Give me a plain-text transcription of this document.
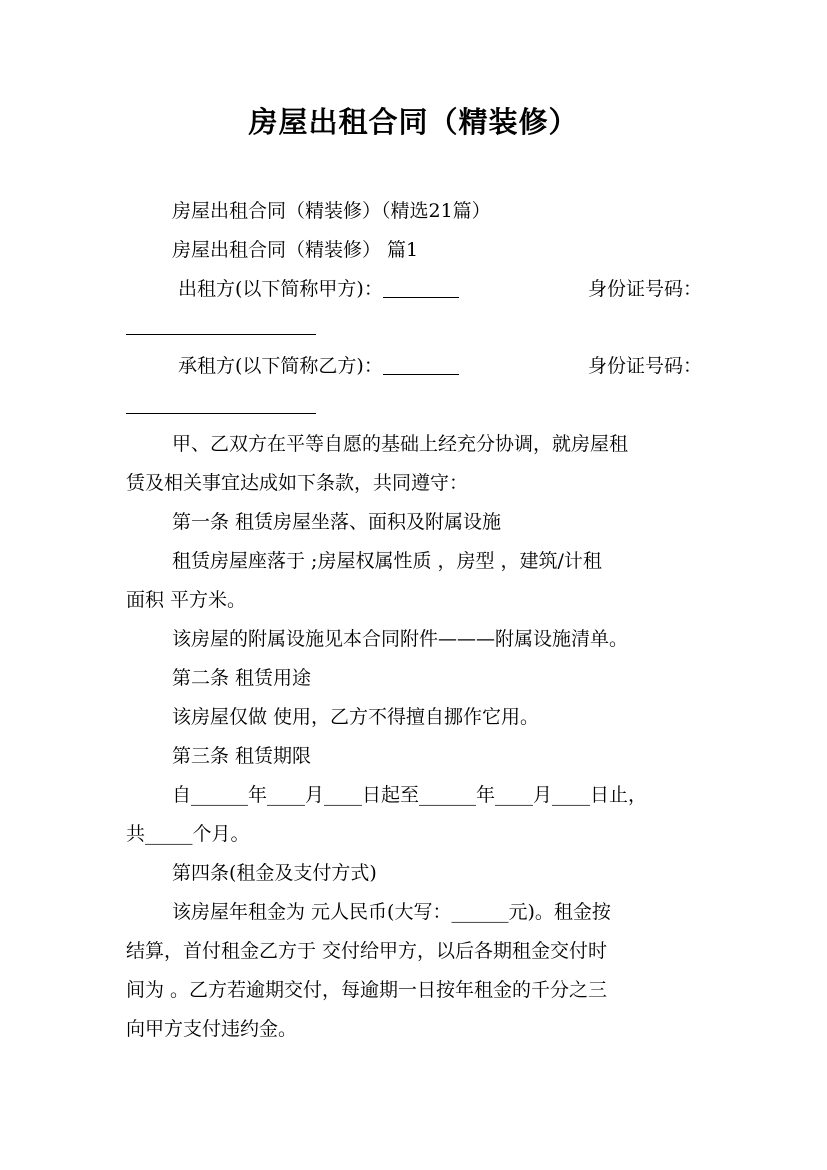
房屋出租合同（精装修）

房屋出租合同（精装修）（精选21篇）

房屋出租合同（精装修） 篇1

出租方(以下简称甲方)：	身份证号码：
承租方(以下简称乙方)：	身份证号码：

甲、乙双方在平等自愿的基础上经充分协调，就房屋租

赁及相关事宜达成如下条款，共同遵守：

第一条 租赁房屋坐落、面积及附属设施

租赁房屋座落于 ;房屋权属性质 ，房型 ，建筑/计租

面积 平方米。

该房屋的附属设施见本合同附件———附属设施清单。

第二条 租赁用途

该房屋仅做 使用，乙方不得擅自挪作它用。

第三条 租赁期限

自______年____月____日起至______年____月____日止，

共_____个月。

第四条(租金及支付方式)

该房屋年租金为 元人民币(大写：______元)。租金按

结算，首付租金乙方于 交付给甲方，以后各期租金交付时

间为 。乙方若逾期交付，每逾期一日按年租金的千分之三

向甲方支付违约金。
